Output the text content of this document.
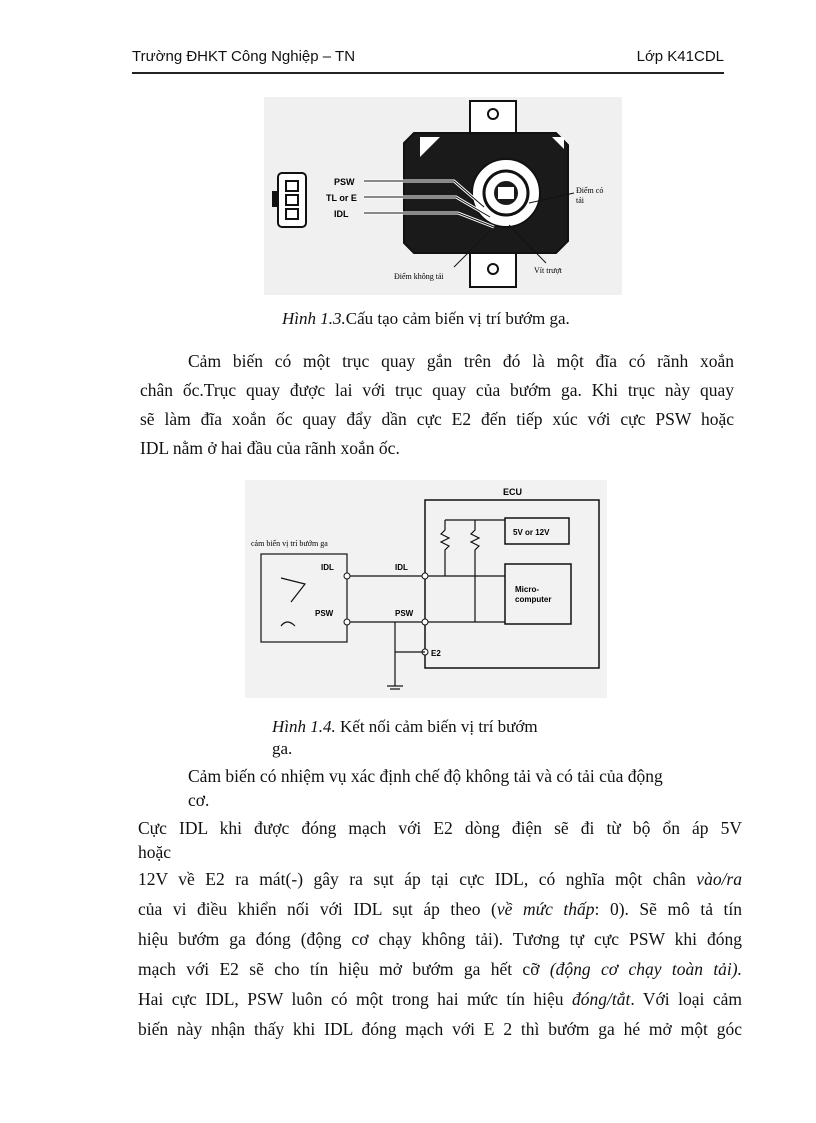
Trường ĐHKT Công Nghiệp – TN	Lớp K41CDL
PSW
TL or E
IDL
Điểm có tải
Điểm không tải
Vít trượt
Hình 1.3.Cấu tạo cảm biến vị trí bướm ga.
Cảm biến có một trục quay gắn trên đó là một đĩa có rãnh xoắn
chân ốc.Trục quay được lai với trục quay của bướm ga. Khi trục này quay
sẽ làm đĩa xoắn ốc quay đẩy dần cực E2 đến tiếp xúc với cực PSW hoặc
IDL nằm ở hai đầu của rãnh xoắn ốc.
ECU
5V or 12V
Micro- computer
cảm biến vị trí bướm ga
IDL	IDL
PSW	PSW
E2
Hình 1.4. Kết nối cảm biến vị trí bướm
ga.
Cảm biến có nhiệm vụ xác định chế độ không tải và có tải của động
cơ.
Cực IDL khi được đóng mạch với E2 dòng điện sẽ đi từ bộ ổn áp 5V
hoặc
12V về E2 ra mát(-) gây ra sụt áp tại cực IDL, có nghĩa một chân vào/ra
của vi điều khiển nối với IDL sụt áp theo (về mức thấp: 0). Sẽ mô tả tín
hiệu bướm ga đóng (động cơ chạy không tải). Tương tự cực PSW khi đóng
mạch với E2 sẽ cho tín hiệu mở bướm ga hết cỡ (động cơ chạy toàn tải).
Hai cực IDL, PSW luôn có một trong hai mức tín hiệu đóng/tắt. Với loại cảm
biến này nhận thấy khi IDL đóng mạch với E 2 thì bướm ga hé mở một góc
